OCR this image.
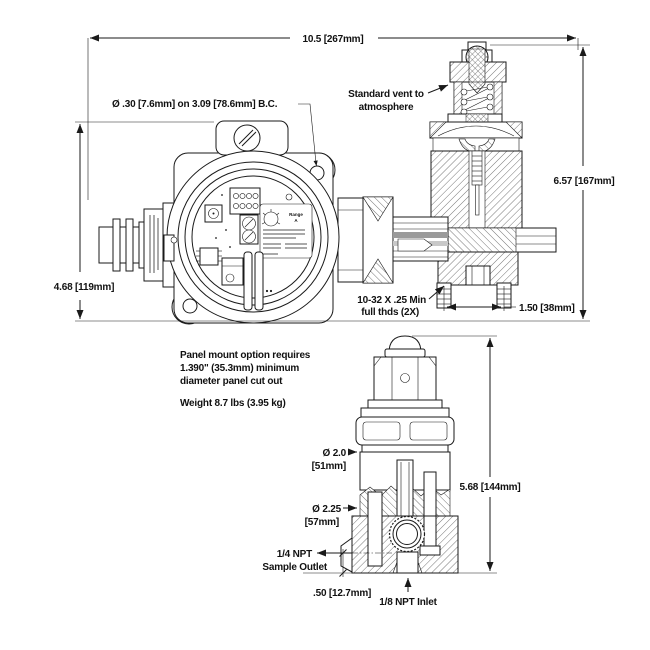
Range
A
Panel mount option requires
1.390" (35.3mm) minimum
diameter panel cut out
Weight 8.7 lbs (3.95 kg)
10.5 [267mm]
6.57 [167mm]
4.68 [119mm]
Ø .30 [7.6mm] on 3.09 [78.6mm] B.C.
Standard vent to
atmosphere
10-32 X .25 Min
full thds (2X)	1.50 [38mm]
5.68 [144mm]
Ø 2.0
[51mm]
Ø 2.25
[57mm]
1/4 NPT
Sample Outlet
.50 [12.7mm]
1/8 NPT Inlet
